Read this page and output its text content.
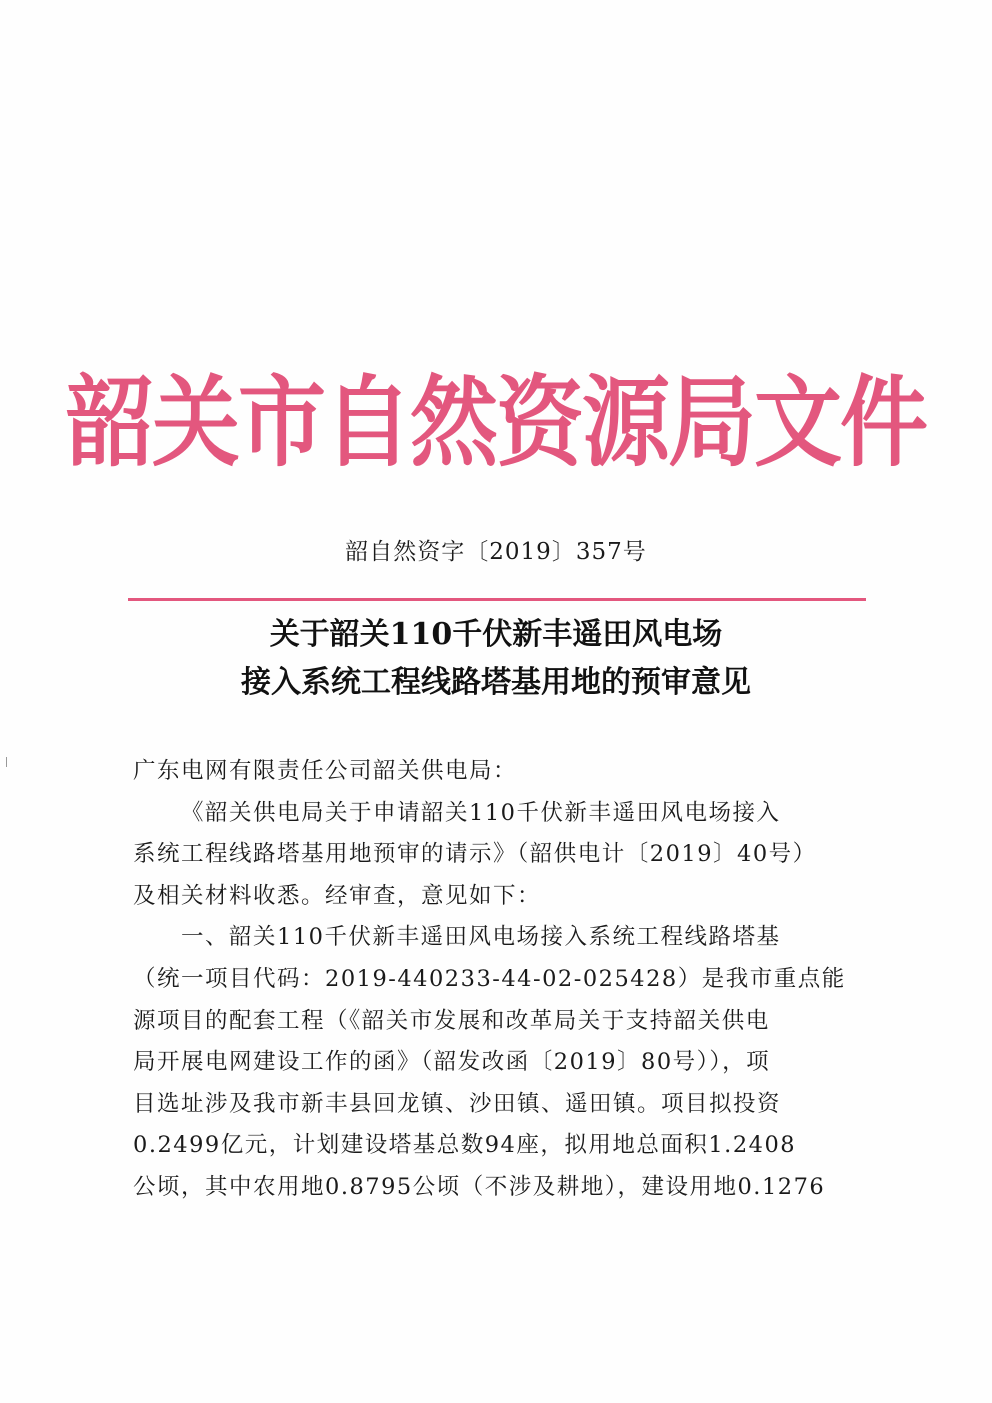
韶关市自然资源局文件
韶自然资字〔2019〕357号
关于韶关110千伏新丰遥田风电场
接入系统工程线路塔基用地的预审意见
广东电网有限责任公司韶关供电局：
《韶关供电局关于申请韶关110千伏新丰遥田风电场接入
系统工程线路塔基用地预审的请示》（韶供电计〔2019〕40号）
及相关材料收悉。经审查，意见如下：
一、韶关110千伏新丰遥田风电场接入系统工程线路塔基
（统一项目代码：2019-440233-44-02-025428）是我市重点能
源项目的配套工程（《韶关市发展和改革局关于支持韶关供电
局开展电网建设工作的函》（韶发改函〔2019〕80号）），项
目选址涉及我市新丰县回龙镇、沙田镇、遥田镇。项目拟投资
0.2499亿元，计划建设塔基总数94座，拟用地总面积1.2408
公顷，其中农用地0.8795公顷（不涉及耕地），建设用地0.1276
